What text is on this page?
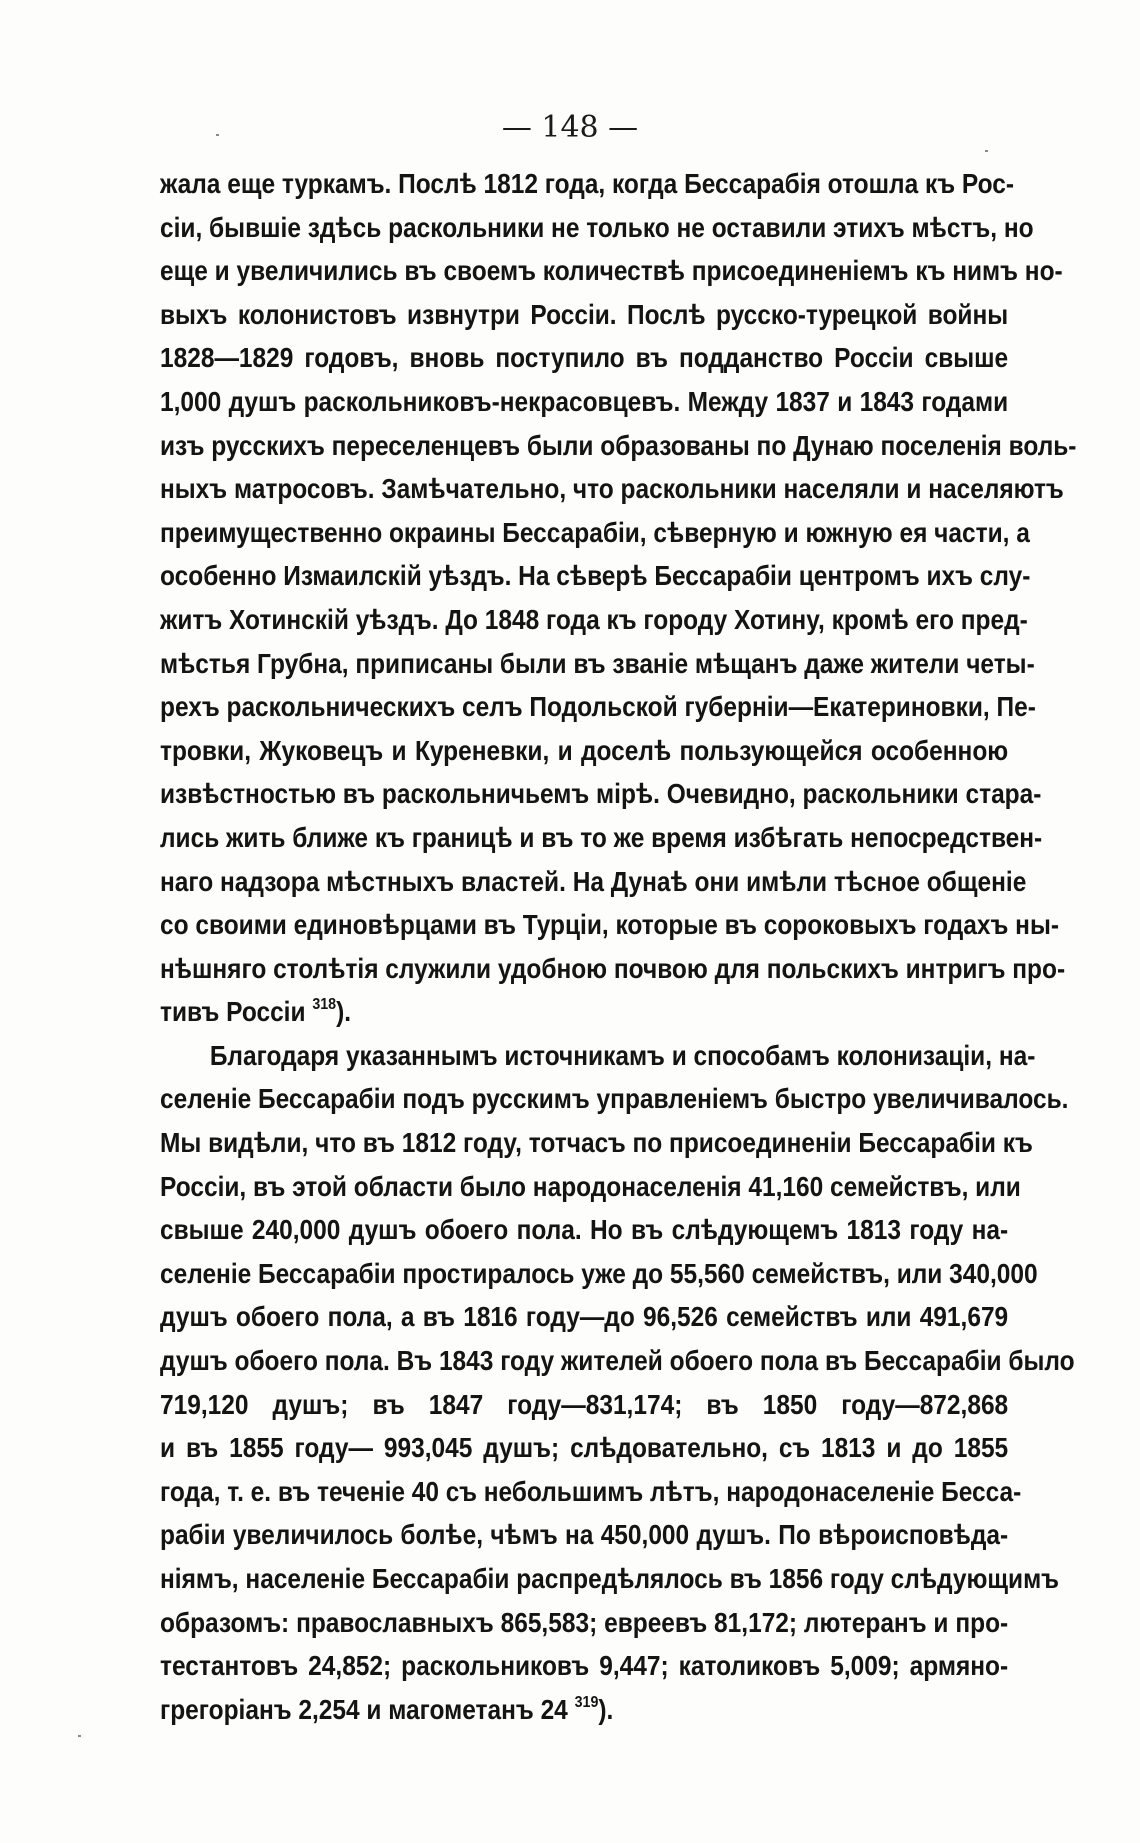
— 148 —
жала еще туркамъ. Послѣ 1812 года, когда Бессарабія отошла къ Рос-
сіи, бывшіе здѣсь раскольники не только не оставили этихъ мѣстъ, но
еще и увеличились въ своемъ количествѣ присоединеніемъ къ нимъ но-
выхъ колонистовъ извнутри Россіи. Послѣ русско-турецкой войны
1828—1829 годовъ, вновь поступило въ подданство Россіи свыше
1,000 душъ раскольниковъ-некрасовцевъ. Между 1837 и 1843 годами
изъ русскихъ переселенцевъ были образованы по Дунаю поселенія воль-
ныхъ матросовъ. Замѣчательно, что раскольники населяли и населяютъ
преимущественно окраины Бессарабіи, сѣверную и южную ея части, а
особенно Измаилскій уѣздъ. На сѣверѣ Бессарабіи центромъ ихъ слу-
житъ Хотинскій уѣздъ. До 1848 года къ городу Хотину, кромѣ его пред-
мѣстья Грубна, приписаны были въ званіе мѣщанъ даже жители четы-
рехъ раскольническихъ селъ Подольской губерніи—Екатериновки, Пе-
тровки, Жуковецъ и Куреневки, и доселѣ пользующейся особенною
извѣстностью въ раскольничьемъ мірѣ. Очевидно, раскольники стара-
лись жить ближе къ границѣ и въ то же время избѣгать непосредствен-
наго надзора мѣстныхъ властей. На Дунаѣ они имѣли тѣсное общеніе
со своими единовѣрцами въ Турціи, которые въ сороковыхъ годахъ ны-
нѣшняго столѣтія служили удобною почвою для польскихъ интригъ про-
тивъ Россіи $^{318}$).
Благодаря указаннымъ источникамъ и способамъ колонизаціи, на-
селеніе Бессарабіи подъ русскимъ управленіемъ быстро увеличивалось.
Мы видѣли, что въ 1812 году, тотчасъ по присоединеніи Бессарабіи къ
Россіи, въ этой области было народонаселенія 41,160 семействъ, или
свыше 240,000 душъ обоего пола. Но въ слѣдующемъ 1813 году на-
селеніе Бессарабіи простиралось уже до 55,560 семействъ, или 340,000
душъ обоего пола, а въ 1816 году—до 96,526 семействъ или 491,679
душъ обоего пола. Въ 1843 году жителей обоего пола въ Бессарабіи было
719,120 душъ; въ 1847 году—831,174; въ 1850 году—872,868
и въ 1855 году— 993,045 душъ; слѣдовательно, съ 1813 и до 1855
года, т. е. въ теченіе 40 съ небольшимъ лѣтъ, народонаселеніе Бесса-
рабіи увеличилось болѣе, чѣмъ на 450,000 душъ. По вѣроисповѣда-
ніямъ, населеніе Бессарабіи распредѣлялось въ 1856 году слѣдующимъ
образомъ: православныхъ 865,583; евреевъ 81,172; лютеранъ и про-
тестантовъ 24,852; раскольниковъ 9,447; католиковъ 5,009; армяно-
грегоріанъ 2,254 и магометанъ 24 $^{319}$).
